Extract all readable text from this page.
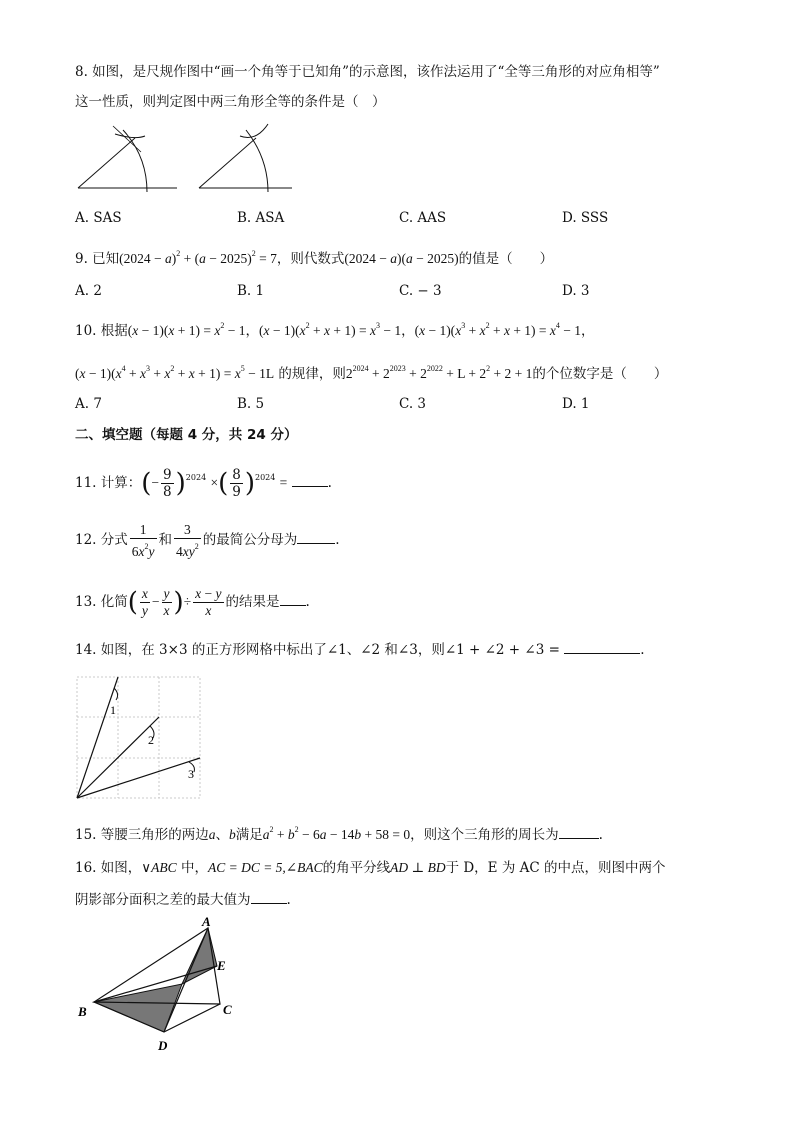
8. 如图，是尺规作图中“画一个角等于已知角”的示意图，该作法运用了“全等三角形的对应角相等”
这一性质，则判定图中两三角形全等的条件是（　）
A. SAS	B. ASA	C. AAS	D. SSS
9. 已知$(2024 - a)^2 + (a - 2025)^2 = 7$，则代数式(2024 − a)(a − 2025)的值是（　　）
A. 2	B. 1	C. − 3	D. 3
10. 根据$(x - 1)(x + 1) = x^2 - 1$，$(x - 1)(x^2 + x + 1) = x^3 - 1$，$(x - 1)(x^3 + x^2 + x + 1) = x^4 - 1$，
$(x - 1)(x^4 + x^3 + x^2 + x + 1) = x^5 - 1L$ 的规律，则$2^{2024} + 2^{2023} + 2^{2022} + L + 2^2 + 2 + 1$的个位数字是（　　）
A. 7	B. 5	C. 3	D. 1
二、填空题（每题 4 分，共 24 分）
11. 计算：(− $\frac{9}{8} )^{2024}$ ×( $\frac{8}{9} )^{2024}$ =	.
12. 分式 $\frac{1}{6x^2y}$ 和 $\frac{3}{4xy^2}$ 的最简公分母为	.
13. 化简( $\frac{x}{y} - \frac{y}{x}$ )÷ $\frac{x - y}{x}$ 的结果是 .
14. 如图，在 3×3 的正方形网格中标出了∠1、∠2 和∠3，则∠1 + ∠2 + ∠3 =	.
1
2
3
15. 等腰三角形的两边a、b满足$a^2 + b^2 - 6a - 14b + 58 = 0$，则这个三角形的周长为	.
16. 如图，∨ABC 中，AC = DC = 5,∠BAC的角平分线AD ⊥ BD于 D，E 为 AC 的中点，则图中两个
阴影部分面积之差的最大值为	.
A
B	C
D
E
